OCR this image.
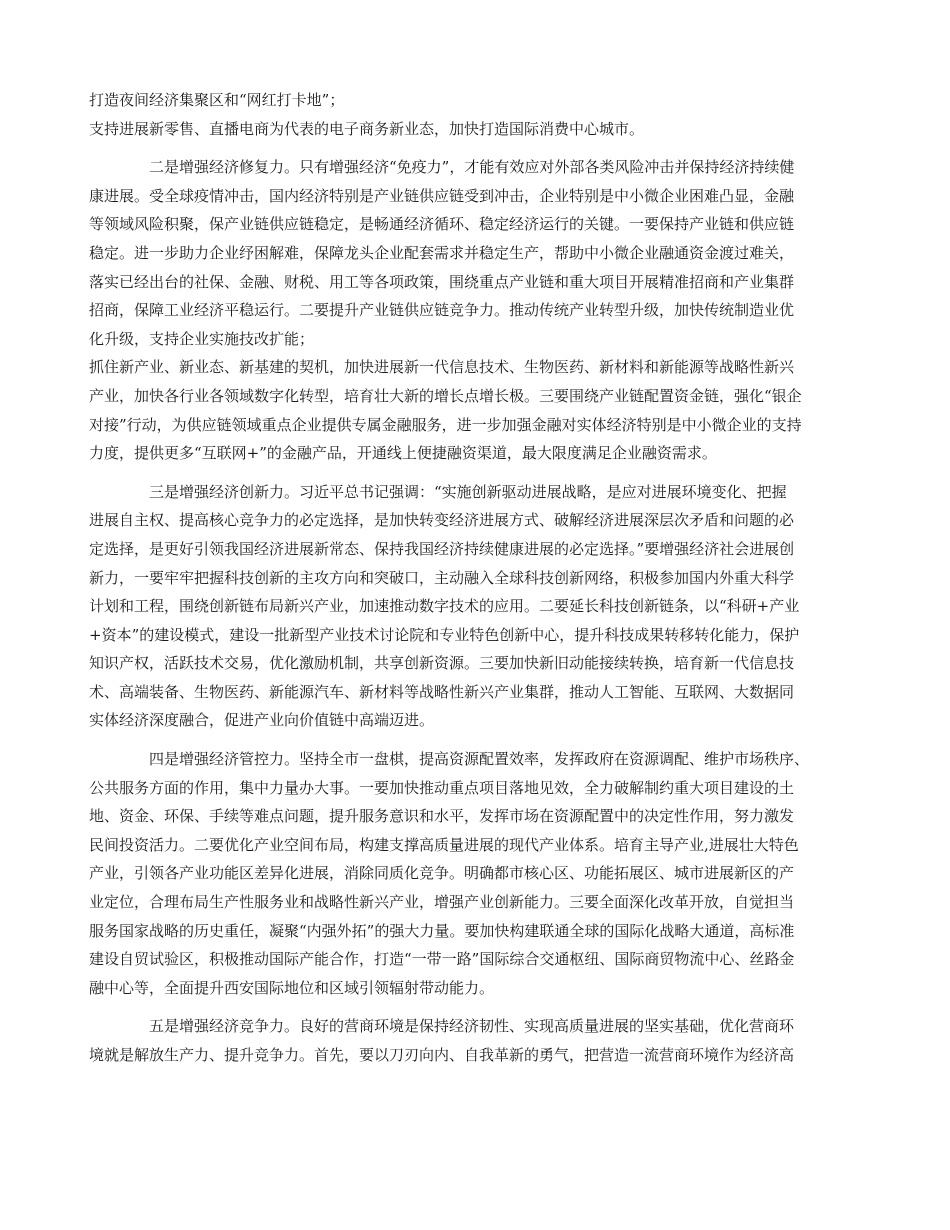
打造夜间经济集聚区和“网红打卡地”；
支持进展新零售、直播电商为代表的电子商务新业态，加快打造国际消费中心城市。
二是增强经济修复力。只有增强经济“免疫力”，才能有效应对外部各类风险冲击并保持经济持续健
康进展。受全球疫情冲击，国内经济特别是产业链供应链受到冲击，企业特别是中小微企业困难凸显，金融
等领域风险积聚，保产业链供应链稳定，是畅通经济循环、稳定经济运行的关键。一要保持产业链和供应链
稳定。进一步助力企业纾困解难，保障龙头企业配套需求并稳定生产，帮助中小微企业融通资金渡过难关，
落实已经出台的社保、金融、财税、用工等各项政策，围绕重点产业链和重大项目开展精准招商和产业集群
招商，保障工业经济平稳运行。二要提升产业链供应链竞争力。推动传统产业转型升级，加快传统制造业优
化升级，支持企业实施技改扩能；
抓住新产业、新业态、新基建的契机，加快进展新一代信息技术、生物医药、新材料和新能源等战略性新兴
产业，加快各行业各领域数字化转型，培育壮大新的增长点增长极。三要围绕产业链配置资金链，强化“银企
对接”行动，为供应链领域重点企业提供专属金融服务，进一步加强金融对实体经济特别是中小微企业的支持
力度，提供更多“互联网+”的金融产品，开通线上便捷融资渠道，最大限度满足企业融资需求。
三是增强经济创新力。习近平总书记强调：“实施创新驱动进展战略，是应对进展环境变化、把握
进展自主权、提高核心竞争力的必定选择，是加快转变经济进展方式、破解经济进展深层次矛盾和问题的必
定选择，是更好引领我国经济进展新常态、保持我国经济持续健康进展的必定选择。”要增强经济社会进展创
新力，一要牢牢把握科技创新的主攻方向和突破口，主动融入全球科技创新网络，积极参加国内外重大科学
计划和工程，围绕创新链布局新兴产业，加速推动数字技术的应用。二要延长科技创新链条，以“科研+产业
+资本”的建设模式，建设一批新型产业技术讨论院和专业特色创新中心，提升科技成果转移转化能力，保护
知识产权，活跃技术交易，优化激励机制，共享创新资源。三要加快新旧动能接续转换，培育新一代信息技
术、高端装备、生物医药、新能源汽车、新材料等战略性新兴产业集群，推动人工智能、互联网、大数据同
实体经济深度融合，促进产业向价值链中高端迈进。
四是增强经济管控力。坚持全市一盘棋，提高资源配置效率，发挥政府在资源调配、维护市场秩序、
公共服务方面的作用，集中力量办大事。一要加快推动重点项目落地见效，全力破解制约重大项目建设的土
地、资金、环保、手续等难点问题，提升服务意识和水平，发挥市场在资源配置中的决定性作用，努力激发
民间投资活力。二要优化产业空间布局，构建支撑高质量进展的现代产业体系。培育主导产业,进展壮大特色
产业，引领各产业功能区差异化进展，消除同质化竞争。明确都市核心区、功能拓展区、城市进展新区的产
业定位，合理布局生产性服务业和战略性新兴产业，增强产业创新能力。三要全面深化改革开放，自觉担当
服务国家战略的历史重任，凝聚“内强外拓”的强大力量。要加快构建联通全球的国际化战略大通道，高标准
建设自贸试验区，积极推动国际产能合作，打造“一带一路”国际综合交通枢纽、国际商贸物流中心、丝路金
融中心等，全面提升西安国际地位和区域引领辐射带动能力。
五是增强经济竞争力。良好的营商环境是保持经济韧性、实现高质量进展的坚实基础，优化营商环
境就是解放生产力、提升竞争力。首先，要以刀刃向内、自我革新的勇气，把营造一流营商环境作为经济高
